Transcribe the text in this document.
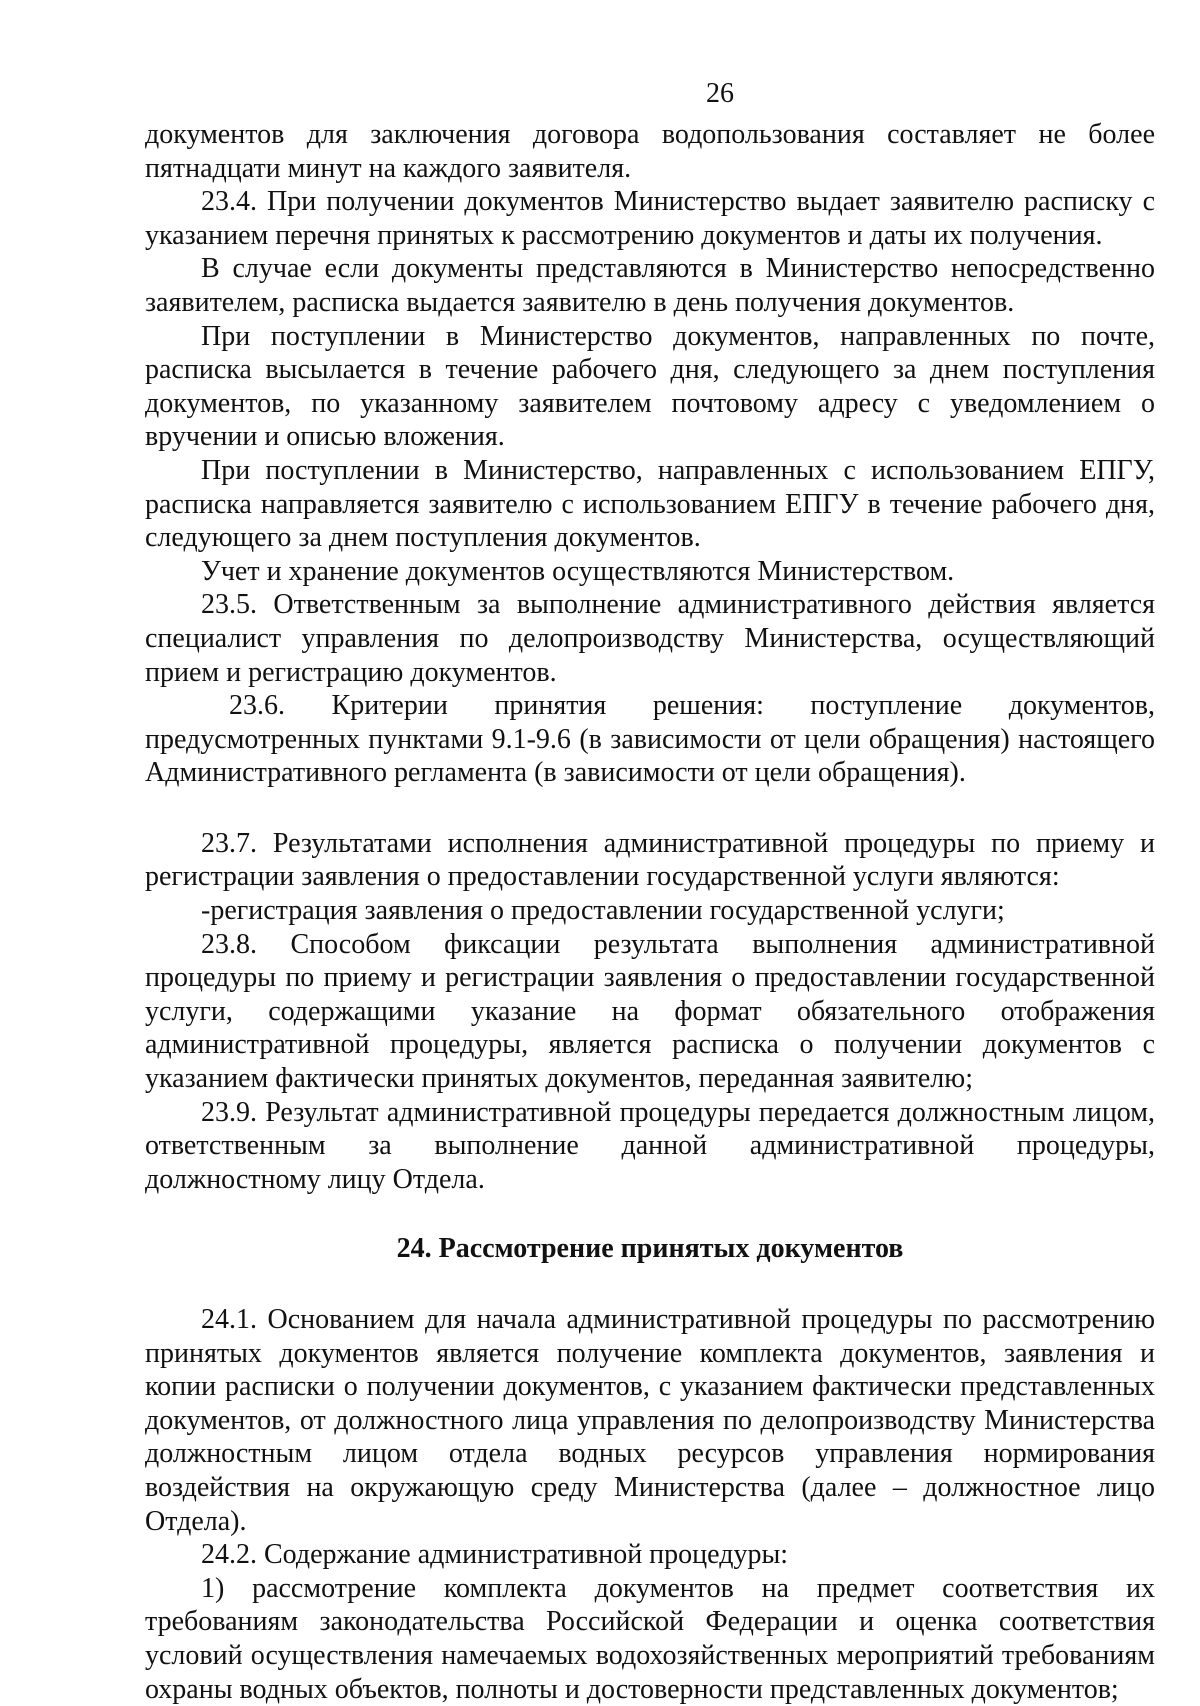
26

документов для заключения договора водопользования составляет не более пятнадцати минут на каждого заявителя.

23.4. При получении документов Министерство выдает заявителю расписку с указанием перечня принятых к рассмотрению документов и даты их получения.

В случае если документы представляются в Министерство непосредственно заявителем, расписка выдается заявителю в день получения документов.

При поступлении в Министерство документов, направленных по почте, расписка высылается в течение рабочего дня, следующего за днем поступления документов, по указанному заявителем почтовому адресу с уведомлением о вручении и описью вложения.

При поступлении в Министерство, направленных с использованием ЕПГУ, расписка направляется заявителю с использованием ЕПГУ в течение рабочего дня, следующего за днем поступления документов.

Учет и хранение документов осуществляются Министерством.

23.5. Ответственным за выполнение административного действия является специалист управления по делопроизводству Министерства, осуществляющий прием и регистрацию документов.

23.6. Критерии принятия решения: поступление документов, предусмотренных пунктами 9.1-9.6 (в зависимости от цели обращения) настоящего Административного регламента (в зависимости от цели обращения).

23.7. Результатами исполнения административной процедуры по приему и регистрации заявления о предоставлении государственной услуги являются:

-регистрация заявления о предоставлении государственной услуги;

23.8. Способом фиксации результата выполнения административной процедуры по приему и регистрации заявления о предоставлении государственной услуги, содержащими указание на формат обязательного отображения административной процедуры, является расписка о получении документов с указанием фактически принятых документов, переданная заявителю;

23.9. Результат административной процедуры передается должностным лицом, ответственным за выполнение данной административной процедуры, должностному лицу Отдела.

24. Рассмотрение принятых документов

24.1. Основанием для начала административной процедуры по рассмотрению принятых документов является получение комплекта документов, заявления и копии расписки о получении документов, с указанием фактически представленных документов, от должностного лица управления по делопроизводству Министерства должностным лицом отдела водных ресурсов управления нормирования воздействия на окружающую среду Министерства (далее – должностное лицо Отдела).

24.2. Содержание административной процедуры:

1) рассмотрение комплекта документов на предмет соответствия их требованиям законодательства Российской Федерации и оценка соответствия условий осуществления намечаемых водохозяйственных мероприятий требованиям охраны водных объектов, полноты и достоверности представленных документов;
